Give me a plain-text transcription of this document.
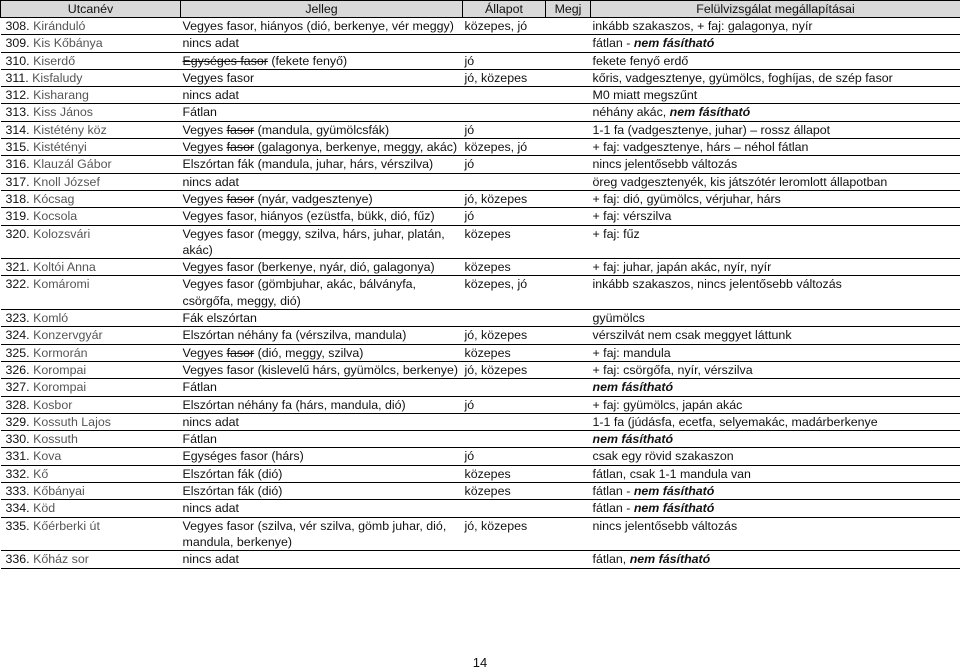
Utcanév	Jelleg	Állapot	Megj	Felülvizsgálat megállapításai
308. Kiránduló	Vegyes fasor, hiányos (dió, berkenye, vér meggy)	közepes, jó		inkább szakaszos, + faj: galagonya, nyír
309. Kis Kőbánya	nincs adat			fátlan - nem fásítható
310. Kiserdő	Egységes fasor (fekete fenyő)	jó		fekete fenyő erdő
311. Kisfaludy	Vegyes fasor	jó, közepes		kőris, vadgesztenye, gyümölcs, foghíjas, de szép fasor
312. Kisharang	nincs adat			M0 miatt megszűnt
313. Kiss János	Fátlan			néhány akác, nem fásítható
314. Kistétény köz	Vegyes fasor (mandula, gyümölcsfák)	jó		1-1 fa (vadgesztenye, juhar) – rossz állapot
315. Kistétényi	Vegyes fasor (galagonya, berkenye, meggy, akác)	közepes, jó		+ faj: vadgesztenye, hárs – néhol fátlan
316. Klauzál Gábor	Elszórtan fák (mandula, juhar, hárs, vérszilva)	jó		nincs jelentősebb változás
317. Knoll József	nincs adat			öreg vadgesztenyék, kis játszótér leromlott állapotban
318. Kócsag	Vegyes fasor (nyár, vadgesztenye)	jó, közepes		+ faj: dió, gyümölcs, vérjuhar, hárs
319. Kocsola	Vegyes fasor, hiányos (ezüstfa, bükk, dió, fűz)	jó		+ faj: vérszilva
320. Kolozsvári	Vegyes fasor (meggy, szilva, hárs, juhar, platán, akác)	közepes		+ faj: fűz
321. Koltói Anna	Vegyes fasor (berkenye, nyár, dió, galagonya)	közepes		+ faj: juhar, japán akác, nyír, nyír
322. Komáromi	Vegyes fasor (gömbjuhar, akác, bálványfa, csörgőfa, meggy, dió)	közepes, jó		inkább szakaszos, nincs jelentősebb változás
323. Komló	Fák elszórtan			gyümölcs
324. Konzervgyár	Elszórtan néhány fa (vérszilva, mandula)	jó, közepes		vérszilvát nem csak meggyet láttunk
325. Kormorán	Vegyes fasor (dió, meggy, szilva)	közepes		+ faj: mandula
326. Korompai	Vegyes fasor (kislevelű hárs, gyümölcs, berkenye)	jó, közepes		+ faj: csörgőfa, nyír, vérszilva
327. Korompai	Fátlan			nem fásítható
328. Kosbor	Elszórtan néhány fa (hárs, mandula, dió)	jó		+ faj: gyümölcs, japán akác
329. Kossuth Lajos	nincs adat			1-1 fa (júdásfa, ecetfa, selyemakác, madárberkenye
330. Kossuth	Fátlan			nem fásítható
331. Kova	Egységes fasor (hárs)	jó		csak egy rövid szakaszon
332. Kő	Elszórtan fák (dió)	közepes		fátlan, csak 1-1 mandula van
333. Kőbányai	Elszórtan fák (dió)	közepes		fátlan - nem fásítható
334. Köd	nincs adat			fátlan - nem fásítható
335. Kőérberki út	Vegyes fasor (szilva, vér szilva, gömb juhar, dió, mandula, berkenye)	jó, közepes		nincs jelentősebb változás
336. Kőház sor	nincs adat			fátlan, nem fásítható
14
